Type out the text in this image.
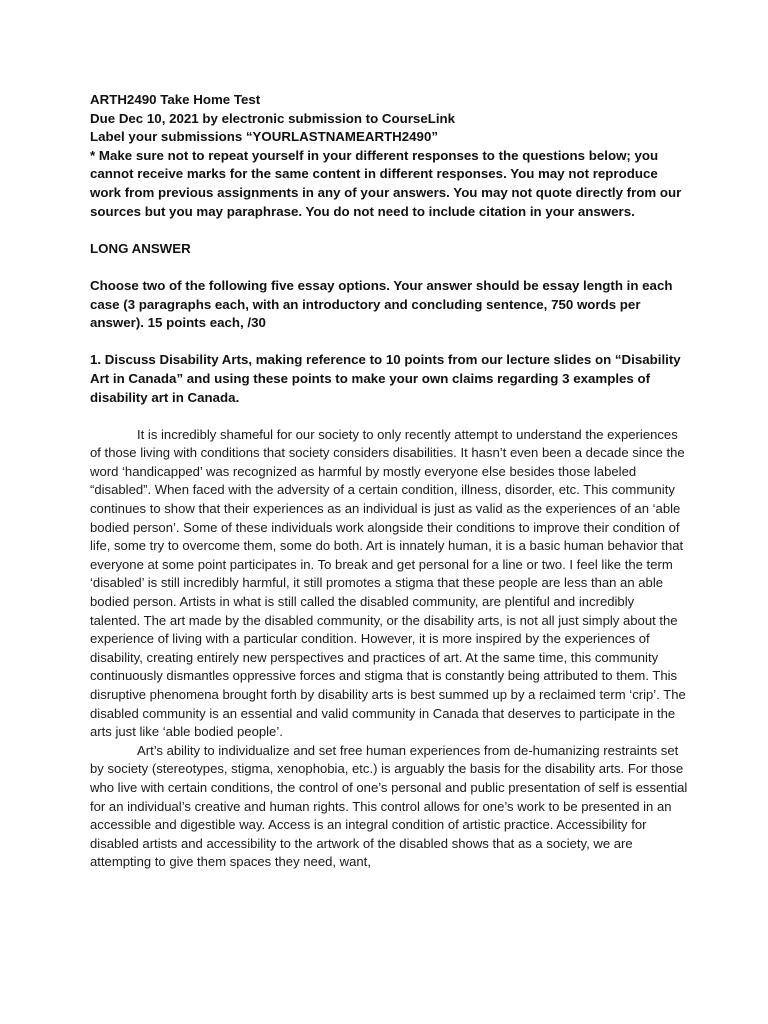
ARTH2490 Take Home Test

Due Dec 10, 2021 by electronic submission to CourseLink

Label your submissions “YOURLASTNAMEARTH2490”

* Make sure not to repeat yourself in your different responses to the questions below; you cannot receive marks for the same content in different responses. You may not reproduce work from previous assignments in any of your answers. You may not quote directly from our sources but you may paraphrase. You do not need to include citation in your answers.

LONG ANSWER

Choose two of the following five essay options. Your answer should be essay length in each case (3 paragraphs each, with an introductory and concluding sentence, 750 words per answer). 15 points each, /30

1. Discuss Disability Arts, making reference to 10 points from our lecture slides on “Disability Art in Canada” and using these points to make your own claims regarding 3 examples of disability art in Canada.

It is incredibly shameful for our society to only recently attempt to understand the experiences of those living with conditions that society considers disabilities. It hasn’t even been a decade since the word ‘handicapped’ was recognized as harmful by mostly everyone else besides those labeled “disabled”. When faced with the adversity of a certain condition, illness, disorder, etc. This community continues to show that their experiences as an individual is just as valid as the experiences of an ‘able bodied person’. Some of these individuals work alongside their conditions to improve their condition of life, some try to overcome them, some do both. Art is innately human, it is a basic human behavior that everyone at some point participates in. To break and get personal for a line or two. I feel like the term ‘disabled’ is still incredibly harmful, it still promotes a stigma that these people are less than an able bodied person. Artists in what is still called the disabled community, are plentiful and incredibly talented. The art made by the disabled community, or the disability arts, is not all just simply about the experience of living with a particular condition. However, it is more inspired by the experiences of disability, creating entirely new perspectives and practices of art. At the same time, this community continuously dismantles oppressive forces and stigma that is constantly being attributed to them. This disruptive phenomena brought forth by disability arts is best summed up by a reclaimed term ‘crip’. The disabled community is an essential and valid community in Canada that deserves to participate in the arts just like ‘able bodied people’.

Art’s ability to individualize and set free human experiences from de-humanizing restraints set by society (stereotypes, stigma, xenophobia, etc.) is arguably the basis for the disability arts. For those who live with certain conditions, the control of one’s personal and public presentation of self is essential for an individual’s creative and human rights. This control allows for one’s work to be presented in an accessible and digestible way. Access is an integral condition of artistic practice. Accessibility for disabled artists and accessibility to the artwork of the disabled shows that as a society, we are attempting to give them spaces they need, want,
